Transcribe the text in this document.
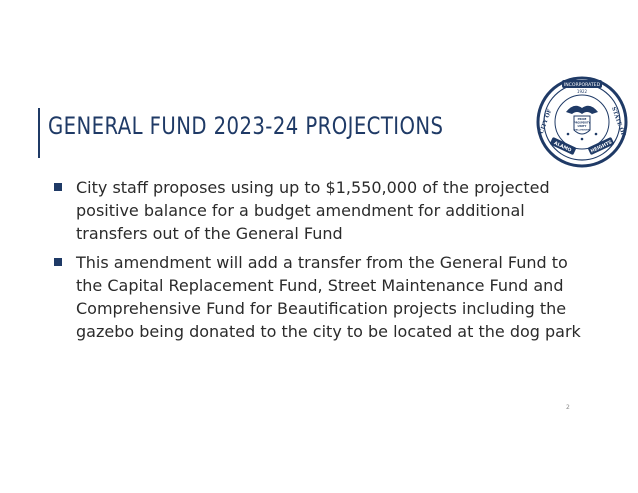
GENERAL FUND 2023-24 PROJECTIONS
City staff proposes using up to $1,550,000 of the projected positive balance for a budget amendment for additional transfers out of the General Fund
This amendment will add a transfer from the General Fund to the Capital Replacement Fund, Street Maintenance Fund and Comprehensive Fund for Beautification projects including the gazebo being donated to the city to be located at the dog park
2
INCORPORATED
1922
CITY OF	STATE OF
ALAMO	HEIGHTS
PRIDE
PROSPERITY
UNITY
FELLOWSHIP
